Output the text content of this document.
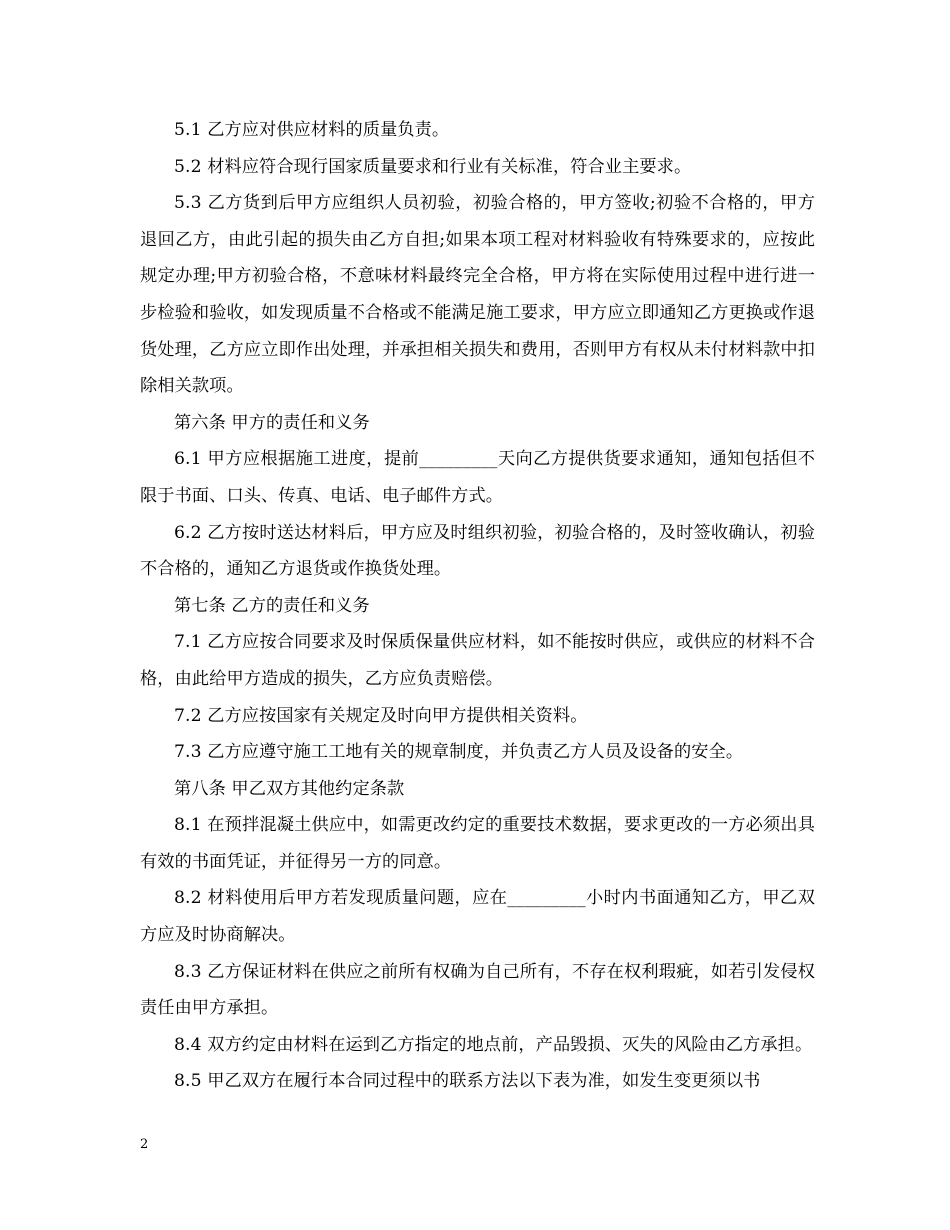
5.1 乙方应对供应材料的质量负责。

5.2 材料应符合现行国家质量要求和行业有关标准，符合业主要求。

5.3 乙方货到后甲方应组织人员初验，初验合格的，甲方签收;初验不合格的，甲方退回乙方，由此引起的损失由乙方自担;如果本项工程对材料验收有特殊要求的，应按此规定办理;甲方初验合格，不意味材料最终完全合格，甲方将在实际使用过程中进行进一步检验和验收，如发现质量不合格或不能满足施工要求，甲方应立即通知乙方更换或作退货处理，乙方应立即作出处理，并承担相关损失和费用，否则甲方有权从未付材料款中扣除相关款项。

第六条 甲方的责任和义务

6.1 甲方应根据施工进度，提前_________天向乙方提供货要求通知，通知包括但不限于书面、口头、传真、电话、电子邮件方式。

6.2 乙方按时送达材料后，甲方应及时组织初验，初验合格的，及时签收确认，初验不合格的，通知乙方退货或作换货处理。

第七条 乙方的责任和义务

7.1 乙方应按合同要求及时保质保量供应材料，如不能按时供应，或供应的材料不合格，由此给甲方造成的损失，乙方应负责赔偿。

7.2 乙方应按国家有关规定及时向甲方提供相关资料。

7.3 乙方应遵守施工工地有关的规章制度，并负责乙方人员及设备的安全。

第八条 甲乙双方其他约定条款

8.1 在预拌混凝土供应中，如需更改约定的重要技术数据，要求更改的一方必须出具有效的书面凭证，并征得另一方的同意。

8.2 材料使用后甲方若发现质量问题，应在_________小时内书面通知乙方，甲乙双方应及时协商解决。

8.3 乙方保证材料在供应之前所有权确为自己所有，不存在权利瑕疵，如若引发侵权责任由甲方承担。

8.4 双方约定由材料在运到乙方指定的地点前，产品毁损、灭失的风险由乙方承担。

8.5 甲乙双方在履行本合同过程中的联系方法以下表为准，如发生变更须以书

2
